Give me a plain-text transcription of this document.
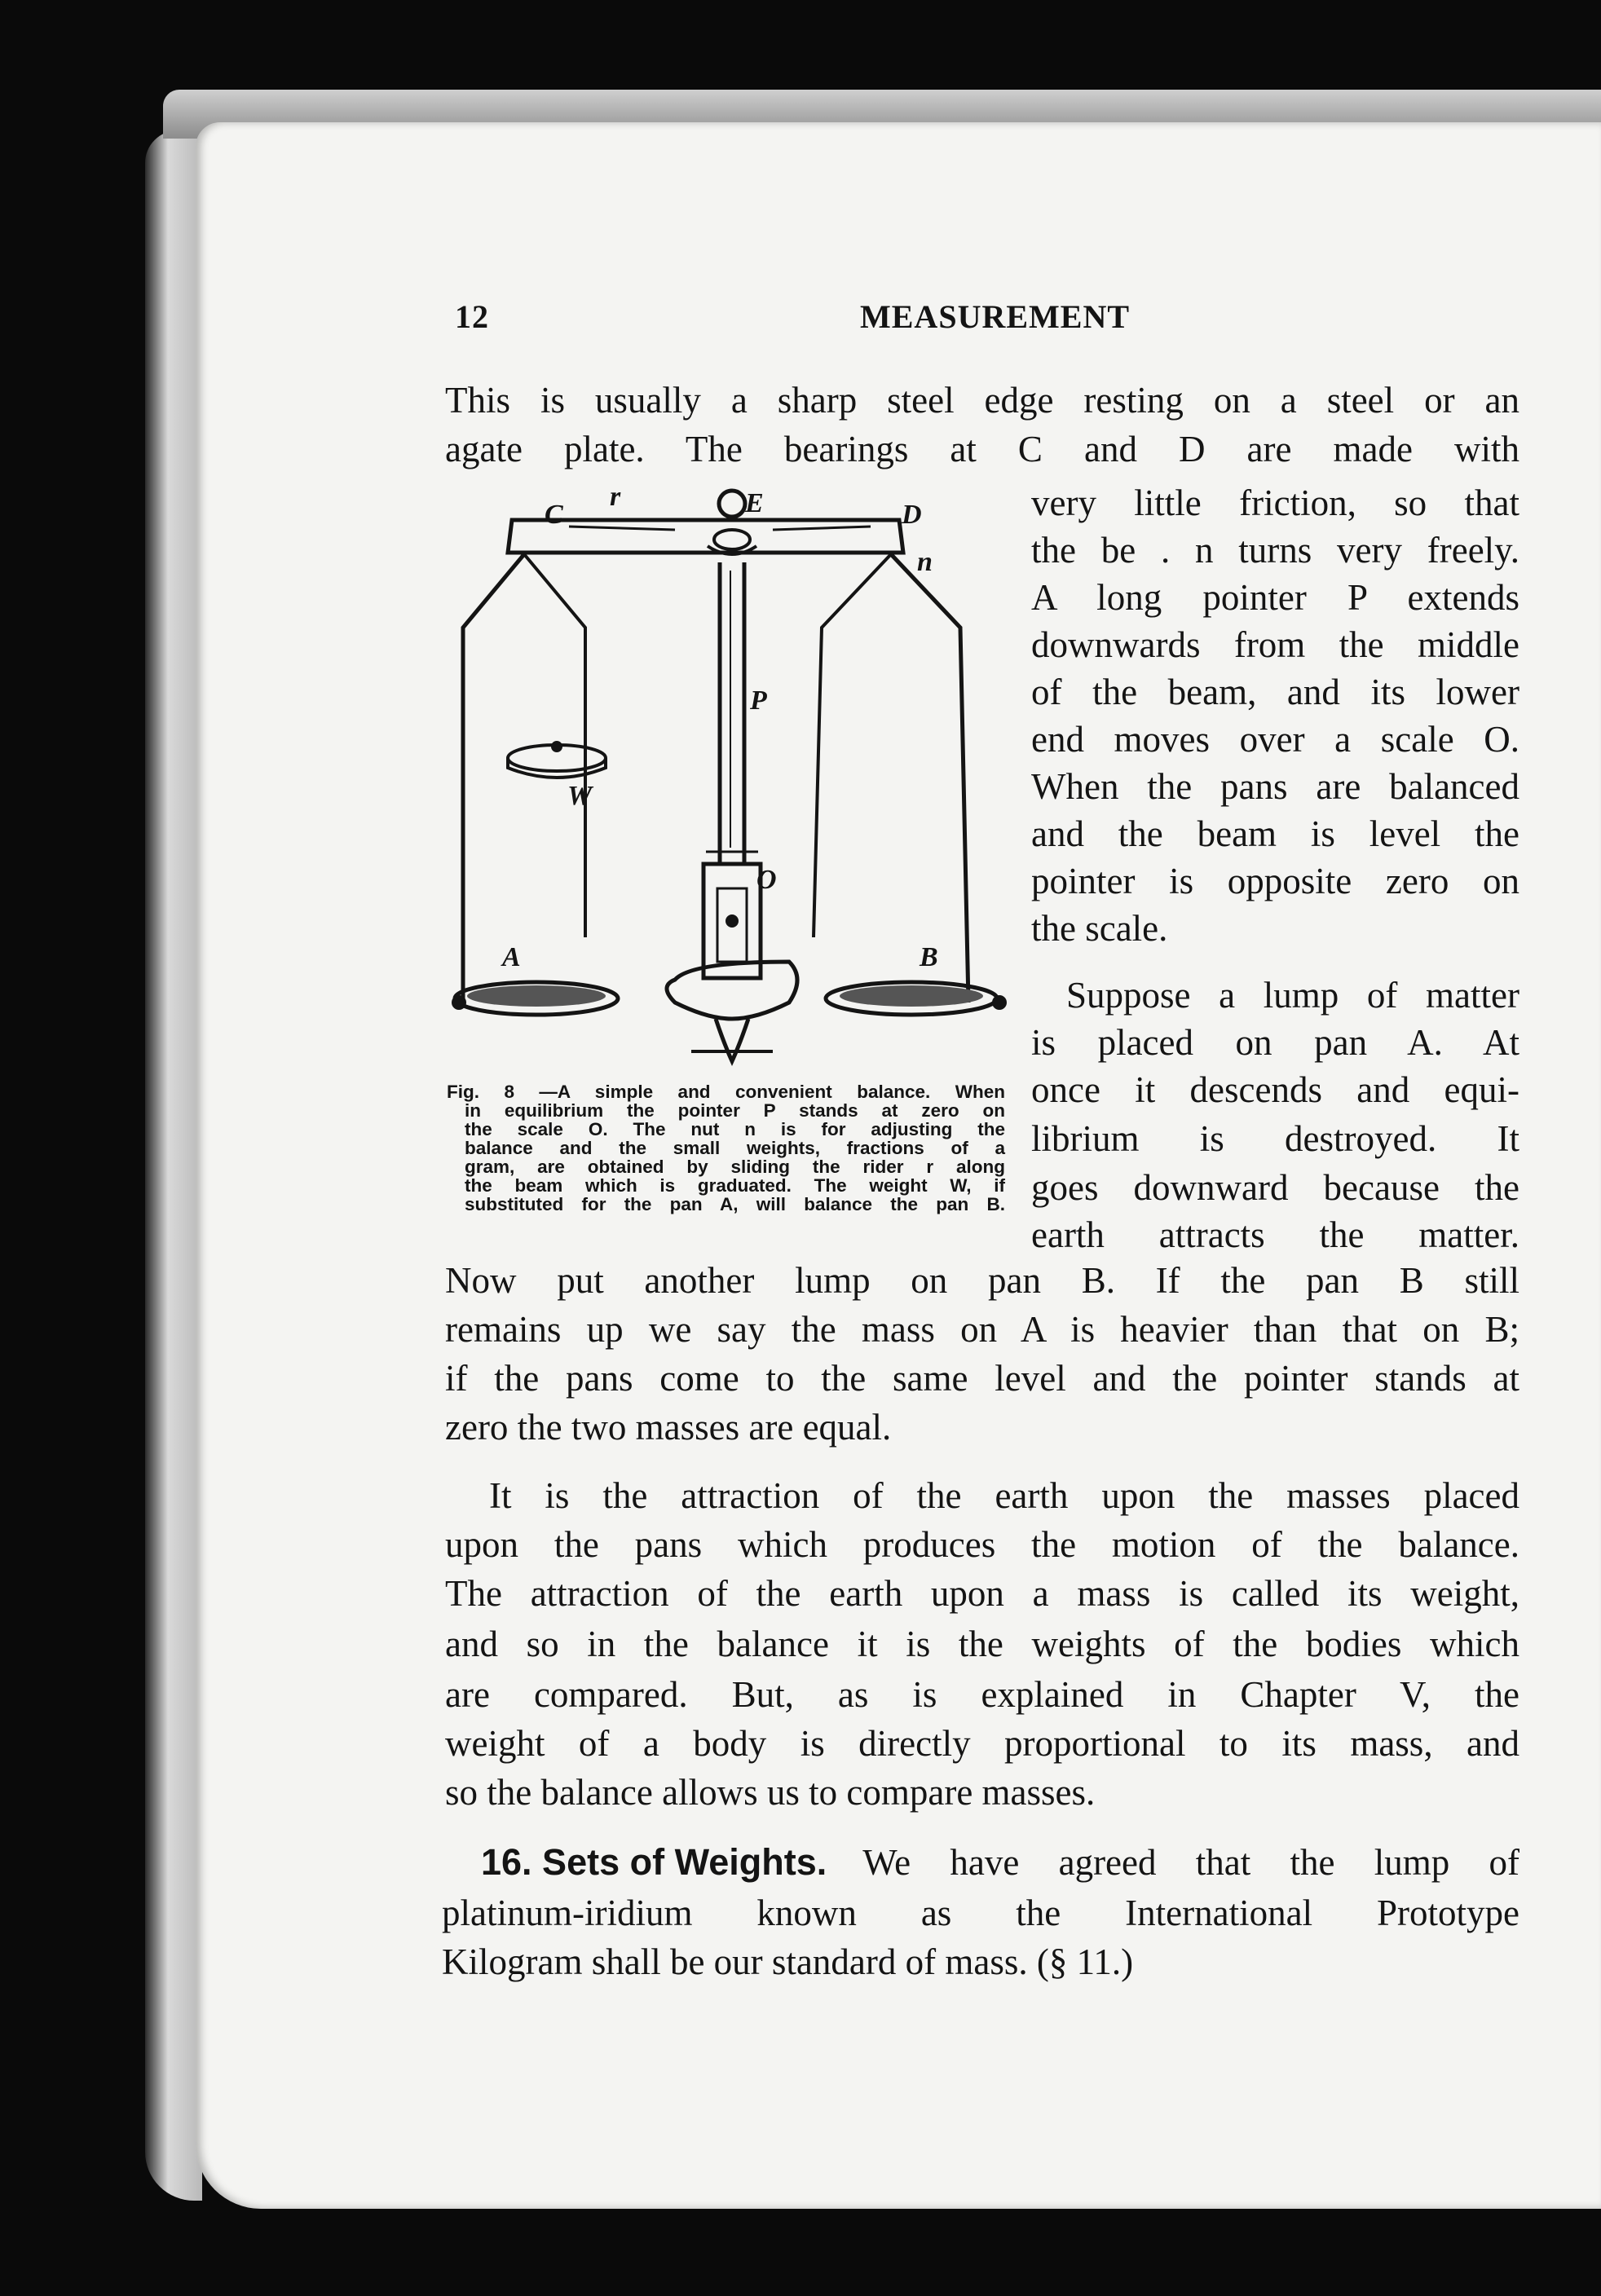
12	MEASUREMENT
This is usually a sharp steel edge resting on a steel or an
agate plate. The bearings at C and D are made with
C
r	E	D
n
P
W
O
A	B
Fig. 8 —A simple and convenient balance. When
in equilibrium the pointer P stands at zero on
the scale O. The nut n is for adjusting the
balance and the small weights, fractions of a
gram, are obtained by sliding the rider r along
the beam which is graduated. The weight W, if
substituted for the pan A, will balance the pan B.
very little friction, so that
the be . n turns very freely.
A long pointer P extends
downwards from the middle
of the beam, and its lower
end moves over a scale O.
When the pans are balanced
and the beam is level the
pointer is opposite zero on
the scale.
Suppose a lump of matter
is placed on pan A. At
once it descends and equi-
librium is destroyed. It
goes downward because the
earth attracts the matter.
Now put another lump on pan B. If the pan B still
remains up we say the mass on A is heavier than that on B;
if the pans come to the same level and the pointer stands at
zero the two masses are equal.
It is the attraction of the earth upon the masses placed
upon the pans which produces the motion of the balance.
The attraction of the earth upon a mass is called its weight,
and so in the balance it is the weights of the bodies which
are compared. But, as is explained in Chapter V, the
weight of a body is directly proportional to its mass, and
so the balance allows us to compare masses.
16. Sets of Weights. We have agreed that the lump of
platinum-iridium known as the International Prototype
Kilogram shall be our standard of mass. (§ 11.)
